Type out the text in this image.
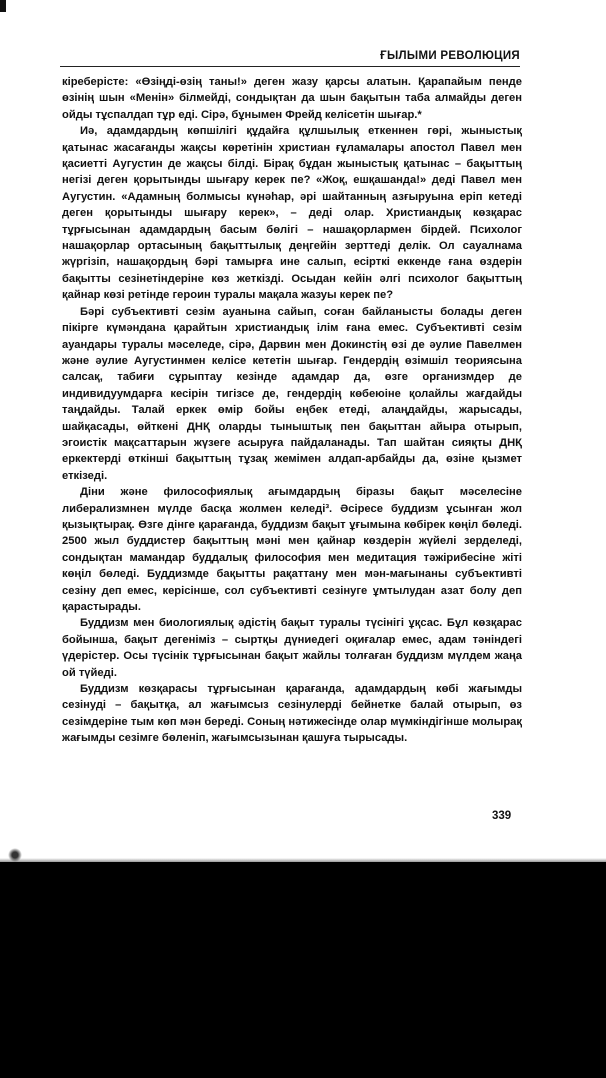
ҒЫЛЫМИ РЕВОЛЮЦИЯ

кіреберісте: «Өзіңді-өзің таны!» деген жазу қарсы алатын. Қарапайым пенде өзінің шын «Менін» білмейді, сондықтан да шын бақытын таба алмайды деген ойды тұспалдап тұр еді. Сірә, бұнымен Фрейд келісетін шығар.*

Иә, адамдардың көпшілігі құдайға құлшылық еткеннен гөрі, жыныстық қатынас жасағанды жақсы көретінін христиан ғұламалары апостол Павел мен қасиетті Аугустин де жақсы білді. Бірақ бұдан жыныстық қатынас – бақыттың негізі деген қорытынды шығару керек пе? «Жоқ, ешқашанда!» деді Павел мен Аугустин. «Адамның болмысы күнәһар, әрі шайтанның азғыруына еріп кетеді деген қорытынды шығару керек», – деді олар. Христиандық көзқарас тұрғысынан адамдардың басым бөлігі – нашақорлармен бірдей. Психолог нашақорлар ортасының бақыттылық деңгейін зерттеді делік. Ол сауалнама жүргізіп, нашақордың бәрі тамырға ине салып, есірткі еккенде ғана өздерін бақытты сезінетіндеріне көз жеткізді. Осыдан кейін әлгі психолог бақыттың қайнар көзі ретінде героин туралы мақала жазуы керек пе?

Бәрі субъективті сезім ауанына сайып, соған байланысты болады деген пікірге күмәндана қарайтын христиандық ілім ғана емес. Субъективті сезім ауандары туралы мәселеде, сірә, Дарвин мен Докинстің өзі де әулие Павелмен және әулие Аугустинмен келісе кететін шығар. Гендердің өзімшіл теориясына салсақ, табиғи сұрыптау кезінде адамдар да, өзге организмдер де индивидуумдарға кесірін тигізсе де, гендердің көбеюіне қолайлы жағдайды таңдайды. Талай еркек өмір бойы еңбек етеді, алаңдайды, жарысады, шайқасады, өйткені ДНҚ оларды тыныштық пен бақыттан айыра отырып, эгоистік мақсаттарын жүзеге асыруға пайдаланады. Тап шайтан сияқты ДНҚ еркектерді өткінші бақыттың тұзақ жемімен алдап-арбайды да, өзіне қызмет еткізеді.

Діни және философиялық ағымдардың біразы бақыт мәселесіне либерализмнен мүлде басқа жолмен келеді³. Әсіресе буддизм ұсынған жол қызықтырақ. Өзге дінге қарағанда, буддизм бақыт ұғымына көбірек көңіл бөледі. 2500 жыл буддистер бақыттың мәні мен қайнар көздерін жүйелі зерделеді, сондықтан мамандар буддалық философия мен медитация тәжірибесіне жіті көңіл бөледі. Буддизмде бақытты рақаттану мен мән-мағынаны субъективті сезіну деп емес, керісінше, сол субъективті сезінуге ұмтылудан азат болу деп қарастырады.

Буддизм мен биологиялық әдістің бақыт туралы түсінігі ұқсас. Бұл көзқарас бойынша, бақыт дегеніміз – сыртқы дүниедегі оқиғалар емес, адам тәніндегі үдерістер. Осы түсінік тұрғысынан бақыт жайлы толғаған буддизм мүлдем жаңа ой түйеді.

Буддизм көзқарасы тұрғысынан қарағанда, адамдардың көбі жағымды сезінуді – бақытқа, ал жағымсыз сезінулерді бейнетке балай отырып, өз сезімдеріне тым көп мән береді. Соның нәтижесінде олар мүмкіндігінше молырақ жағымды сезімге бөленіп, жағымсызынан қашуға тырысады.

339
